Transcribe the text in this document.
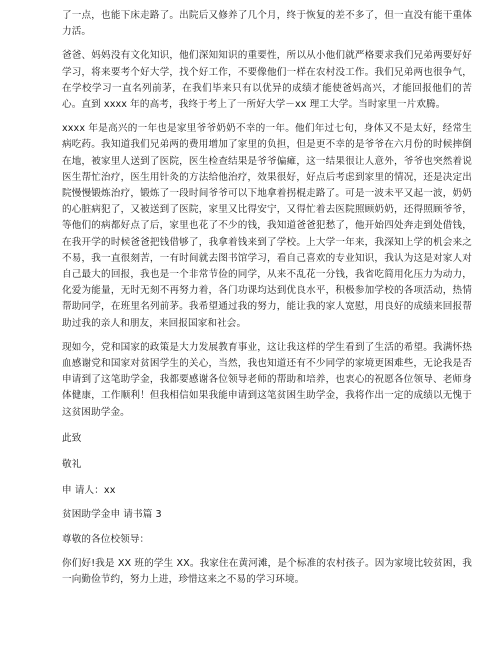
了一点，也能下床走路了。出院后又修养了几个月，终于恢复的差不多了，但一直没有能干重体力活。

爸爸、妈妈没有文化知识，他们深知知识的重要性，所以从小他们就严格要求我们兄弟两要好好学习，将来要考个好大学，找个好工作，不要像他们一样在农村没工作。我们兄弟两也很争气，在学校学习一直名列前茅，在我们毕来只有以优异的成绩才能使爸妈高兴，才能回报他们的苦心。直到 xxxx 年的高考，我终于考上了一所好大学－xx 理工大学。当时家里一片欢腾。

xxxx 年是高兴的一年也是家里爷爷奶奶不幸的一年。他们年过七旬，身体又不是太好，经常生病吃药。我知道我们兄弟两的费用增加了家里的负担，但是更不幸的是爷爷在六月份的时候摔倒在地，被家里人送到了医院，医生检查结果是爷爷偏瘫，这一结果很让人意外，爷爷也突然着说医生帮忙治疗，医生用针灸的方法给他治疗，效果很好，好点后考虑到家里的情况，还是决定出院慢慢锻炼治疗，锻炼了一段时间爷爷可以下地拿着拐棍走路了。可是一波未平又起一波，奶奶的心脏病犯了，又被送到了医院，家里又比得安宁，又得忙着去医院照顾奶奶，还得照顾爷爷，等他们的病都好点了后，家里也花了不少的钱，我知道爸爸犯愁了，他开始四处奔走到处借钱，在我开学的时候爸爸把钱借够了，我拿着钱来到了学校。上大学一年来，我深知上学的机会来之不易，我一直很刻苦，一有时间就去图书馆学习，看自己喜欢的专业知识，我认为这是对家人对自己最大的回报，我也是一个非常节俭的同学，从来不乱花一分钱，我省吃简用化压力为动力，化爱为能量，无时无刻不再努力着，各门功课均达到优良水平，积极参加学校的各项活动，热情帮助同学，在班里名列前茅。我希望通过我的努力，能让我的家人宽慰，用良好的成绩来回报帮助过我的亲人和朋友，来回报国家和社会。

现如今，党和国家的政策是大力发展教育事业，这让我这样的学生看到了生活的希望。我满怀热血感谢党和国家对贫困学生的关心，当然，我也知道还有不少同学的家境更困难些，无论我是否申请到了这笔助学金，我都要感谢各位领导老师的帮助和培养，也衷心的祝愿各位领导、老师身体健康，工作顺利！但我相信如果我能申请到这笔贫困生助学金，我将作出一定的成绩以无愧于这贫困助学金。

此致

敬礼

申 请人：xx

贫困助学金申 请书篇 3

尊敬的各位校领导：

你们好!我是 XX 班的学生 XX。我家住在黄河滩，是个标准的农村孩子。因为家境比较贫困，我一向勤俭节约，努力上进，珍惜这来之不易的学习环境。
